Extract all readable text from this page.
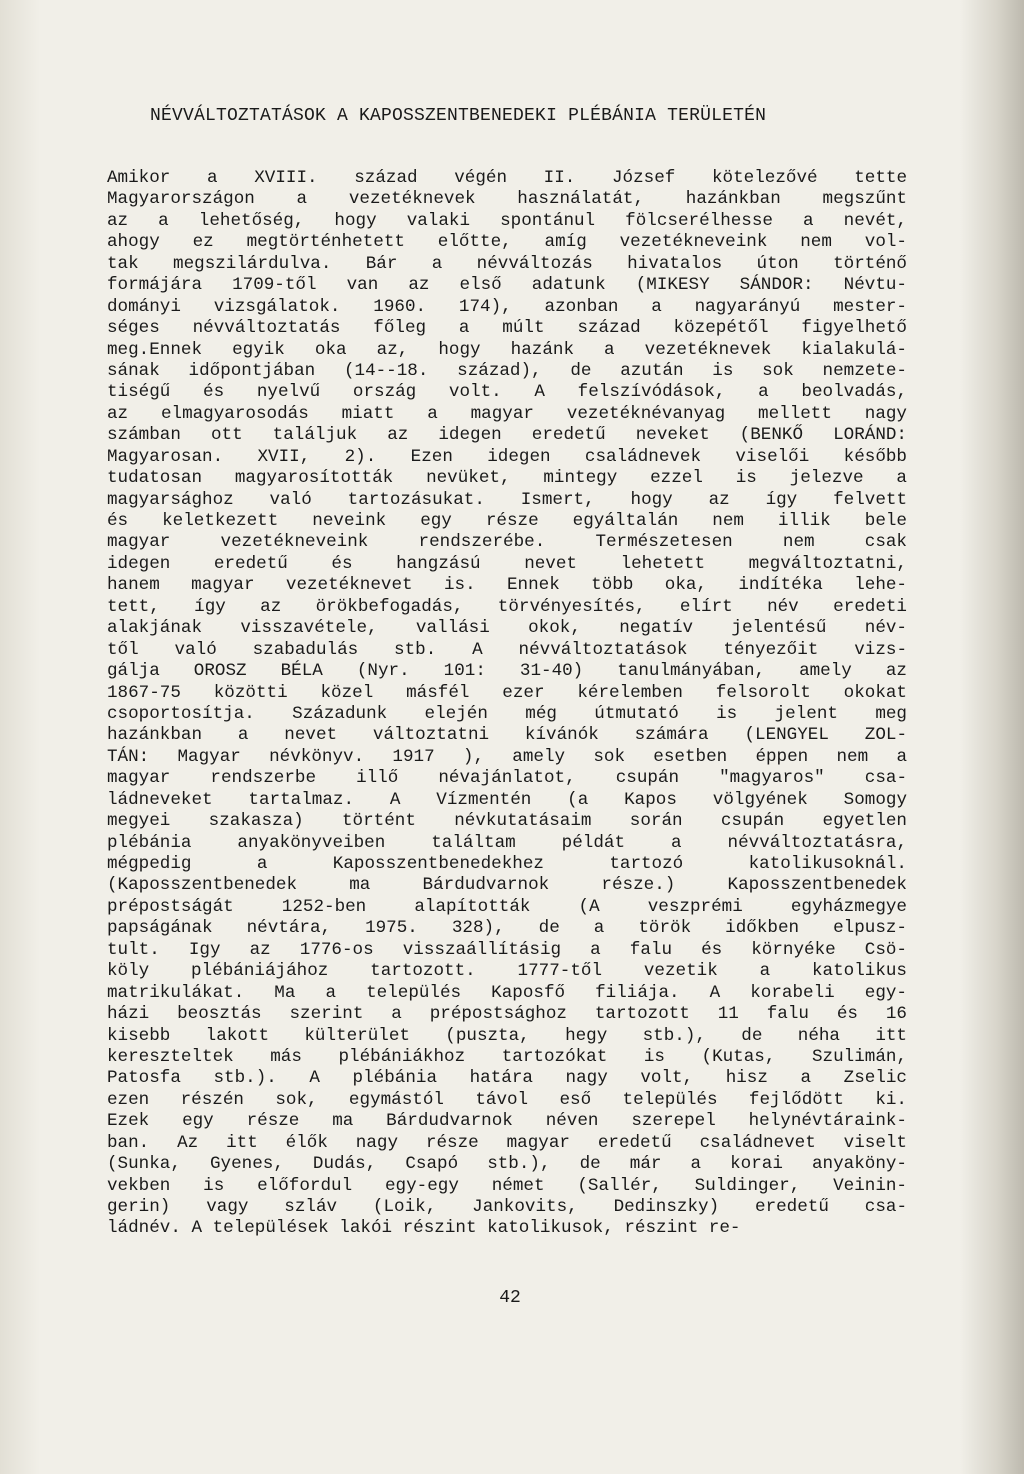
NÉVVÁLTOZTATÁSOK A KAPOSSZENTBENEDEKI PLÉBÁNIA TERÜLETÉN
Amikor a XVIII. század végén II. József kötelezővé tette
Magyarországon a vezetéknevek használatát, hazánkban megszűnt
az a lehetőség, hogy valaki spontánul fölcserélhesse a nevét,
ahogy ez megtörténhetett előtte, amíg vezetékneveink nem vol-
tak megszilárdulva. Bár a névváltozás hivatalos úton történő
formájára 1709-től van az első adatunk (MIKESY SÁNDOR: Névtu-
dományi vizsgálatok. 1960. 174), azonban a nagyarányú mester-
séges névváltoztatás főleg a múlt század közepétől figyelhető
meg.Ennek egyik oka az, hogy hazánk a vezetéknevek kialakulá-
sának időpontjában (14--18. század), de azután is sok nemzete-
tiségű és nyelvű ország volt. A felszívódások, a beolvadás,
az elmagyarosodás miatt a magyar vezetéknévanyag mellett nagy
számban ott találjuk az idegen eredetű neveket (BENKŐ LORÁND:
Magyarosan. XVII, 2). Ezen idegen családnevek viselői később
tudatosan magyarosították nevüket, mintegy ezzel is jelezve a
magyarsághoz való tartozásukat. Ismert, hogy az így felvett
és keletkezett neveink egy része egyáltalán nem illik bele
magyar vezetékneveink rendszerébe. Természetesen nem csak
idegen eredetű és hangzású nevet lehetett megváltoztatni,
hanem magyar vezetéknevet is. Ennek több oka, indítéka lehe-
tett, így az örökbefogadás, törvényesítés, elírt név eredeti
alakjának visszavétele, vallási okok, negatív jelentésű név-
től való szabadulás stb. A névváltoztatások tényezőit vizs-
gálja OROSZ BÉLA (Nyr. 101: 31-40) tanulmányában, amely az
1867-75 közötti közel másfél ezer kérelemben felsorolt okokat
csoportosítja. Századunk elején még útmutató is jelent meg
hazánkban a nevet változtatni kívánók számára (LENGYEL ZOL-
TÁN: Magyar névkönyv. 1917 ), amely sok esetben éppen nem a
magyar rendszerbe illő névajánlatot, csupán "magyaros" csa-
ládneveket tartalmaz. A Vízmentén (a Kapos völgyének Somogy
megyei szakasza) történt névkutatásaim során csupán egyetlen
plébánia anyakönyveiben találtam példát a névváltoztatásra,
mégpedig a Kaposszentbenedekhez tartozó katolikusoknál.
(Kaposszentbenedek ma Bárdudvarnok része.) Kaposszentbenedek
prépostságát 1252-ben alapították (A veszprémi egyházmegye
papságának névtára, 1975. 328), de a török időkben elpusz-
tult. Igy az 1776-os visszaállításig a falu és környéke Csö-
köly plébániájához tartozott. 1777-től vezetik a katolikus
matrikulákat. Ma a település Kaposfő filiája. A korabeli egy-
házi beosztás szerint a prépostsághoz tartozott 11 falu és 16
kisebb lakott külterület (puszta, hegy stb.), de néha itt
kereszteltek más plébániákhoz tartozókat is (Kutas, Szulimán,
Patosfa stb.). A plébánia határa nagy volt, hisz a Zselic
ezen részén sok, egymástól távol eső település fejlődött ki.
Ezek egy része ma Bárdudvarnok néven szerepel helynévtáraink-
ban. Az itt élők nagy része magyar eredetű családnevet viselt
(Sunka, Gyenes, Dudás, Csapó stb.), de már a korai anyaköny-
vekben is előfordul egy-egy német (Sallér, Suldinger, Veinin-
gerin) vagy szláv (Loik, Jankovits, Dedinszky) eredetű csa-
ládnév. A települések lakói részint katolikusok, részint re-
42
